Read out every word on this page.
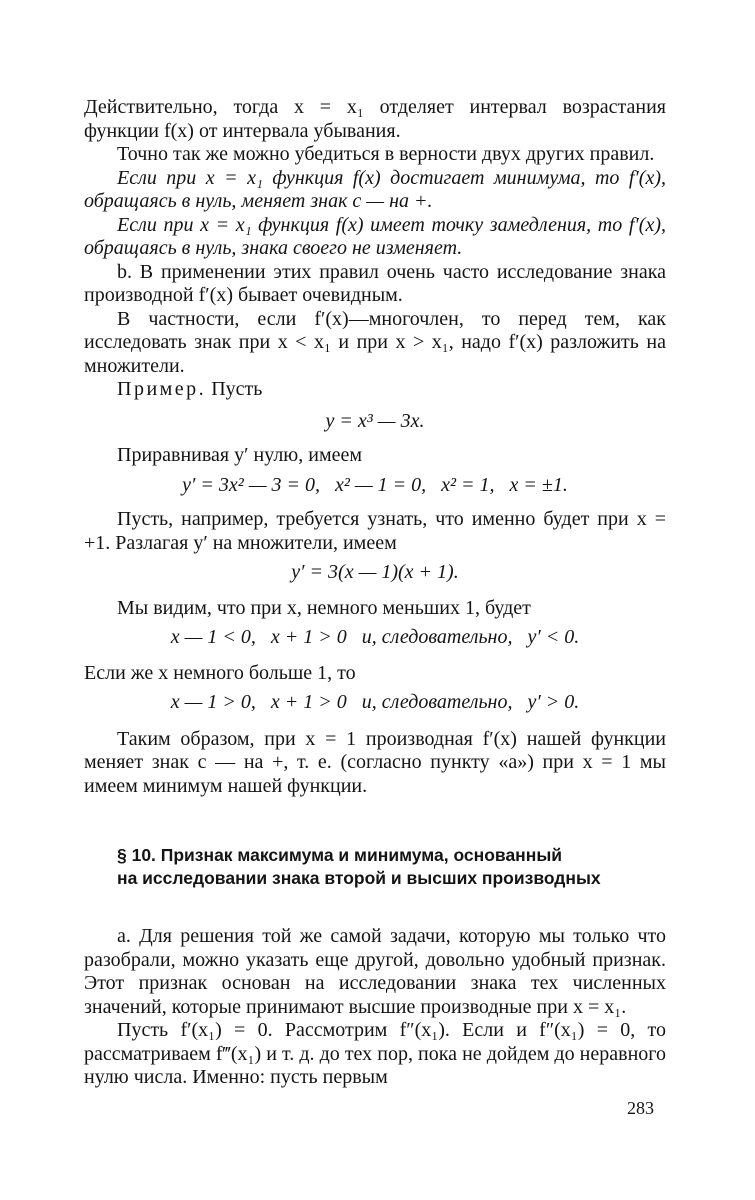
Действительно, тогда x = x₁ отделяет интервал возрастания функции f(x) от интервала убывания.

Точно так же можно убедиться в верности двух других правил.

Если при x = x₁ функция f(x) достигает минимума, то f′(x), обращаясь в нуль, меняет знак с — на +.

Если при x = x₁ функция f(x) имеет точку замедления, то f′(x), обращаясь в нуль, знака своего не изменяет.

b. В применении этих правил очень часто исследование знака производной f′(x) бывает очевидным.

В частности, если f′(x)—многочлен, то перед тем, как исследовать знак при x < x₁ и при x > x₁, надо f′(x) разложить на множители.

Пример. Пусть

y = x³ — 3x.

Приравнивая y′ нулю, имеем

y′ = 3x² — 3 = 0,   x² — 1 = 0,   x² = 1,   x = ±1.

Пусть, например, требуется узнать, что именно будет при x = +1. Разлагая y′ на множители, имеем

y′ = 3(x — 1)(x + 1).

Мы видим, что при x, немного меньших 1, будет

x — 1 < 0,   x + 1 > 0   и, следовательно,   y′ < 0.

Если же x немного больше 1, то

x — 1 > 0,   x + 1 > 0   и, следовательно,   y′ > 0.

Таким образом, при x = 1 производная f′(x) нашей функции меняет знак с — на +, т. е. (согласно пункту «a») при x = 1 мы имеем минимум нашей функции.

§ 10. Признак максимума и минимума, основанный
на исследовании знака второй и высших производных

a. Для решения той же самой задачи, которую мы только что разобрали, можно указать еще другой, довольно удобный признак. Этот признак основан на исследовании знака тех численных значений, которые принимают высшие производные при x = x₁.

Пусть f′(x₁) = 0. Рассмотрим f″(x₁). Если и f″(x₁) = 0, то рассматриваем f‴(x₁) и т. д. до тех пор, пока не дойдем до неравного нулю числа. Именно: пусть первым

283
